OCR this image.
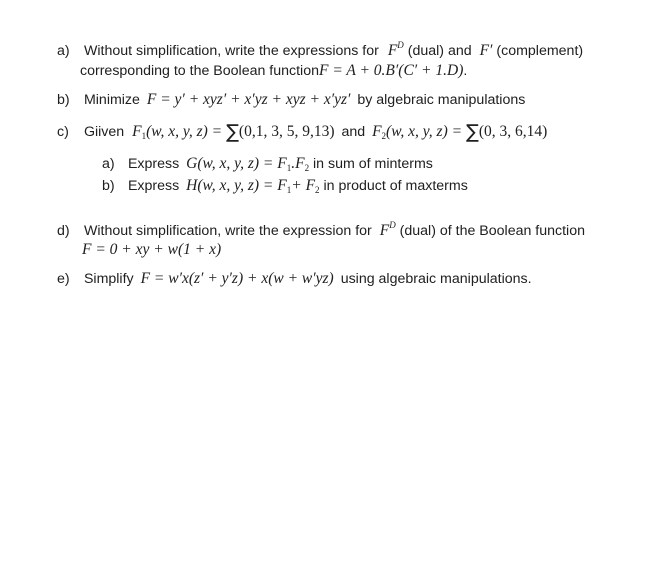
a) Without simplification, write the expressions for $F^D$ (dual) and F′ (complement)
corresponding to the Boolean functionF = A + 0.B′(C′ + 1.D).
b) Minimize F = y′ + xyz′ + x′yz + xyz + x′yz′ by algebraic manipulations
c) Giiven $F_1(w$, x, y, z) = ∑(0,1, 3, 5, 9,13) and $F_2(w$, x, y, z) = ∑(0, 3, 6,14)
a) Express G(w, x, y, $z) = F_1.F_2$ in sum of minterms
b) Express H(w, x, y, $z) = F_1+ F_2$ in product of maxterms
d) Without simplification, write the expression for $F^D$ (dual) of the Boolean function
F = 0 + xy + w(1 + x)
e) Simplify F = w′x(z′ + y′z) + x(w + w′yz) using algebraic manipulations.
